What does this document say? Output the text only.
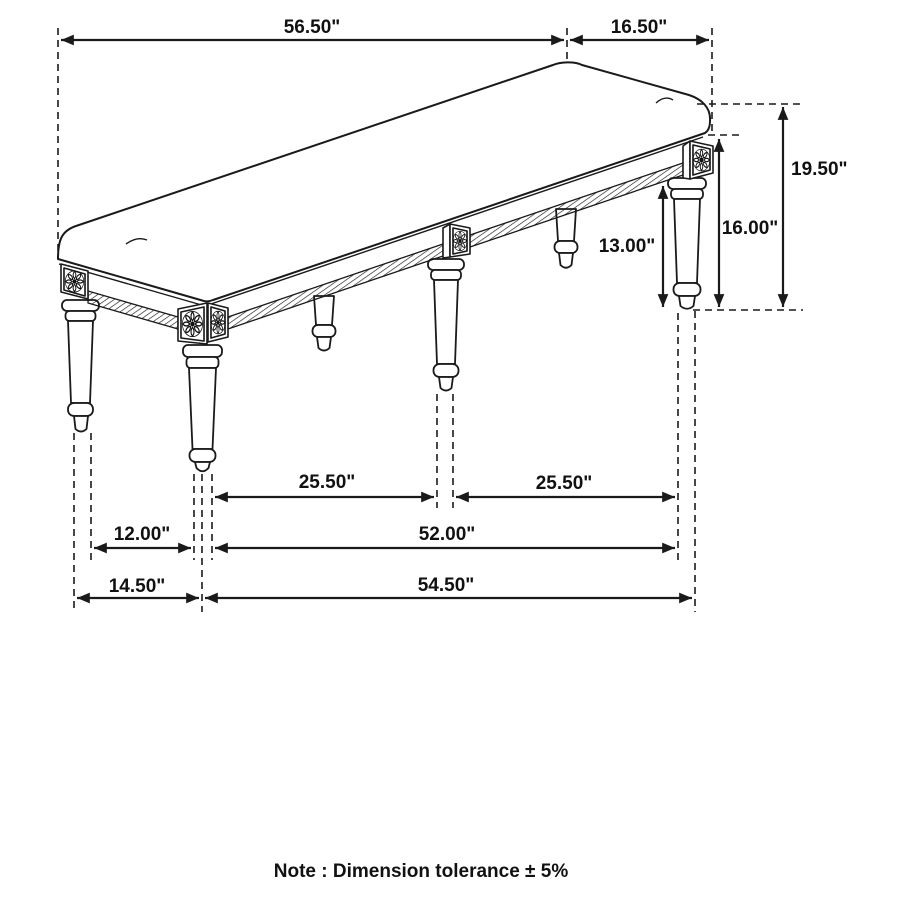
56.50"	16.50"
19.50"
16.00"
13.00"
25.50"	25.50"
12.00"	52.00"
14.50"	54.50"
Note : Dimension tolerance ± 5%
